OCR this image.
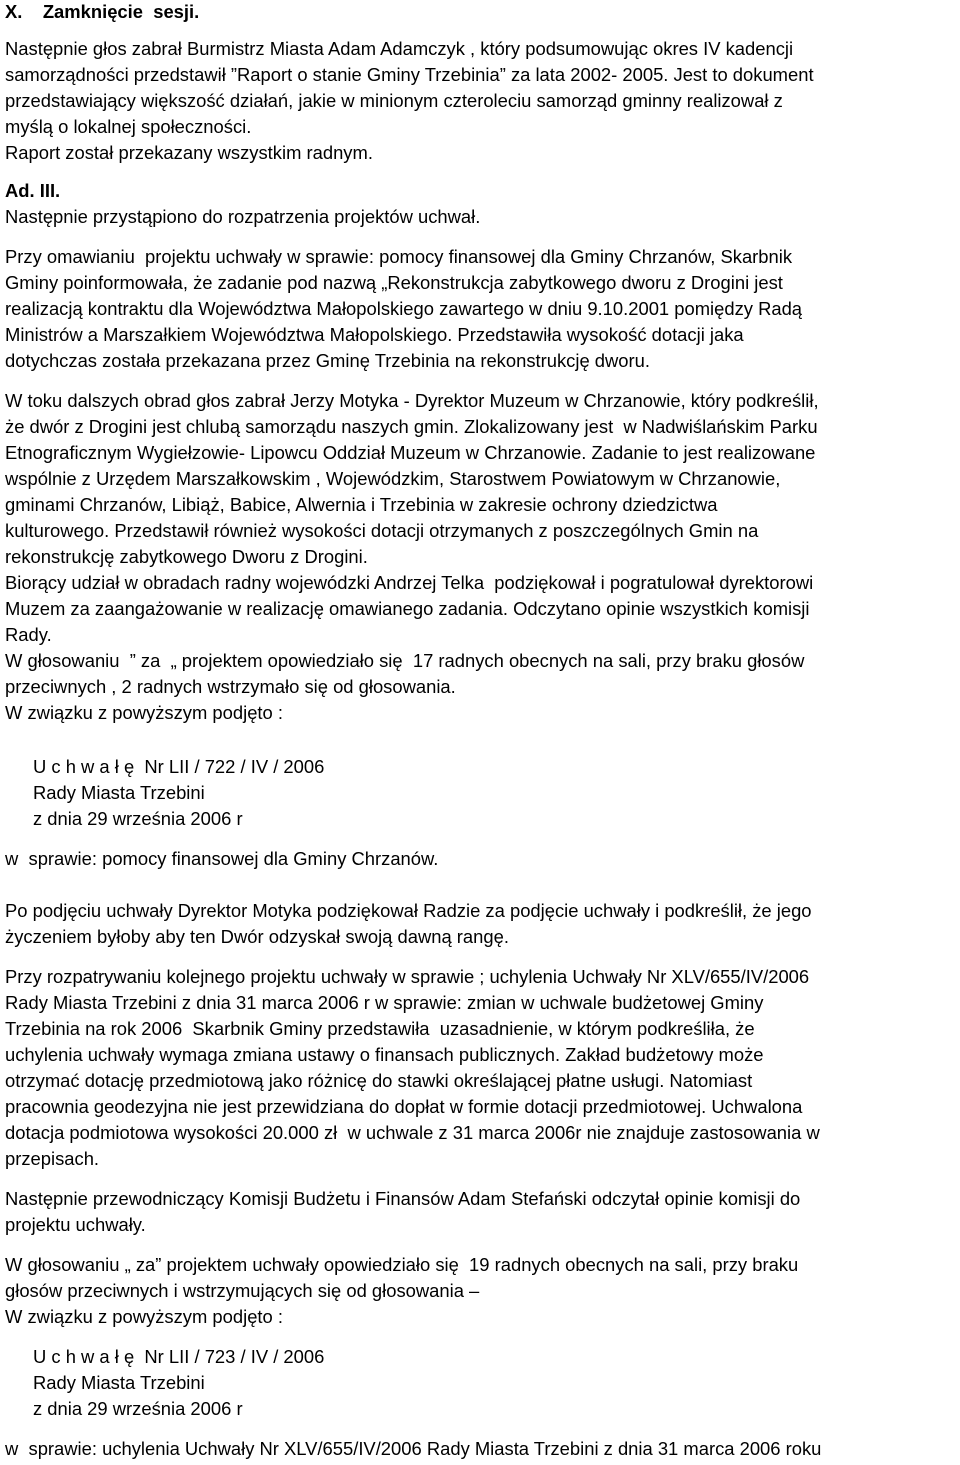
X.    Zamknięcie  sesji.
Następnie głos zabrał Burmistrz Miasta Adam Adamczyk , który podsumowując okres IV kadencji
samorządności przedstawił ”Raport o stanie Gminy Trzebinia” za lata 2002- 2005. Jest to dokument
przedstawiający większość działań, jakie w minionym czteroleciu samorząd gminny realizował z
myślą o lokalnej społeczności.
Raport został przekazany wszystkim radnym.
Ad. III.
Następnie przystąpiono do rozpatrzenia projektów uchwał.
Przy omawianiu  projektu uchwały w sprawie: pomocy finansowej dla Gminy Chrzanów, Skarbnik
Gminy poinformowała, że zadanie pod nazwą „Rekonstrukcja zabytkowego dworu z Drogini jest
realizacją kontraktu dla Województwa Małopolskiego zawartego w dniu 9.10.2001 pomiędzy Radą
Ministrów a Marszałkiem Województwa Małopolskiego. Przedstawiła wysokość dotacji jaka
dotychczas została przekazana przez Gminę Trzebinia na rekonstrukcję dworu.
W toku dalszych obrad głos zabrał Jerzy Motyka - Dyrektor Muzeum w Chrzanowie, który podkreślił,
że dwór z Drogini jest chlubą samorządu naszych gmin. Zlokalizowany jest  w Nadwiślańskim Parku
Etnograficznym Wygiełzowie- Lipowcu Oddział Muzeum w Chrzanowie. Zadanie to jest realizowane
wspólnie z Urzędem Marszałkowskim , Wojewódzkim, Starostwem Powiatowym w Chrzanowie,
gminami Chrzanów, Libiąż, Babice, Alwernia i Trzebinia w zakresie ochrony dziedzictwa
kulturowego. Przedstawił również wysokości dotacji otrzymanych z poszczególnych Gmin na
rekonstrukcję zabytkowego Dworu z Drogini.
Biorący udział w obradach radny wojewódzki Andrzej Telka  podziękował i pogratulował dyrektorowi
Muzem za zaangażowanie w realizację omawianego zadania. Odczytano opinie wszystkich komisji
Rady.
W głosowaniu  ” za  „ projektem opowiedziało się  17 radnych obecnych na sali, przy braku głosów
przeciwnych , 2 radnych wstrzymało się od głosowania.
W związku z powyższym podjęto :
U c h w a ł ę  Nr LII / 722 / IV / 2006
Rady Miasta Trzebini
z dnia 29 września 2006 r
w  sprawie: pomocy finansowej dla Gminy Chrzanów.
Po podjęciu uchwały Dyrektor Motyka podziękował Radzie za podjęcie uchwały i podkreślił, że jego
życzeniem byłoby aby ten Dwór odzyskał swoją dawną rangę.
Przy rozpatrywaniu kolejnego projektu uchwały w sprawie ; uchylenia Uchwały Nr XLV/655/IV/2006
Rady Miasta Trzebini z dnia 31 marca 2006 r w sprawie: zmian w uchwale budżetowej Gminy
Trzebinia na rok 2006  Skarbnik Gminy przedstawiła  uzasadnienie, w którym podkreśliła, że
uchylenia uchwały wymaga zmiana ustawy o finansach publicznych. Zakład budżetowy może
otrzymać dotację przedmiotową jako różnicę do stawki określającej płatne usługi. Natomiast
pracownia geodezyjna nie jest przewidziana do dopłat w formie dotacji przedmiotowej. Uchwalona
dotacja podmiotowa wysokości 20.000 zł  w uchwale z 31 marca 2006r nie znajduje zastosowania w
przepisach.
Następnie przewodniczący Komisji Budżetu i Finansów Adam Stefański odczytał opinie komisji do
projektu uchwały.
W głosowaniu „ za” projektem uchwały opowiedziało się  19 radnych obecnych na sali, przy braku
głosów przeciwnych i wstrzymujących się od głosowania –
W związku z powyższym podjęto :
U c h w a ł ę  Nr LII / 723 / IV / 2006
Rady Miasta Trzebini
z dnia 29 września 2006 r
w  sprawie: uchylenia Uchwały Nr XLV/655/IV/2006 Rady Miasta Trzebini z dnia 31 marca 2006 roku
